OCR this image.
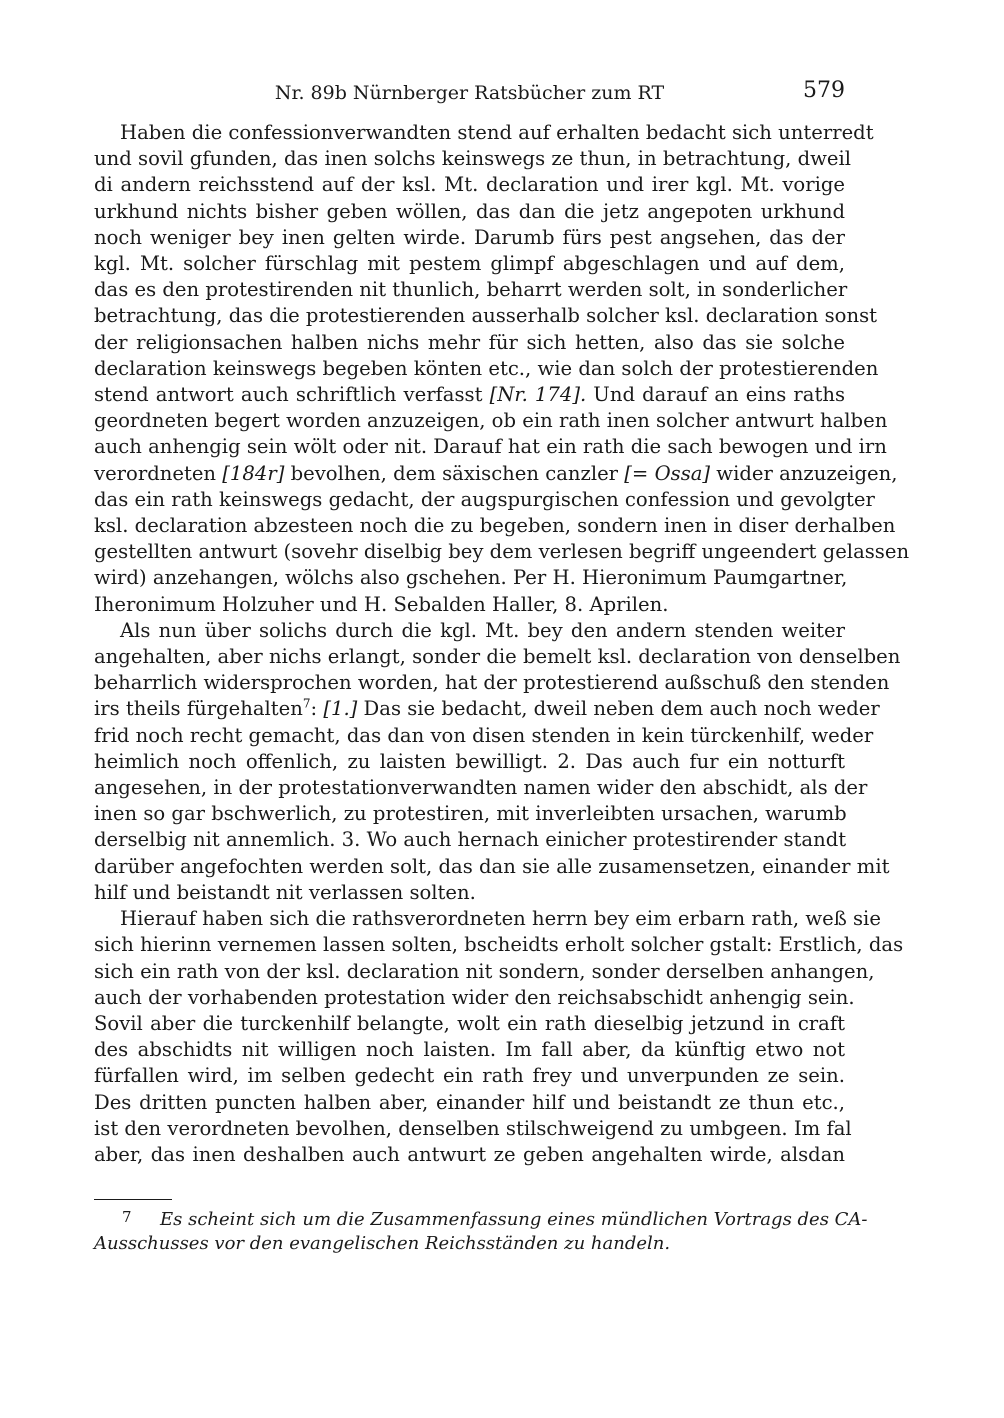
Nr. 89b Nürnberger Ratsbücher zum RT	579

Haben die confessionverwandten stend auf erhalten bedacht sich unterredt
und sovil gfunden, das inen solchs keinswegs ze thun, in betrachtung, dweil
di andern reichsstend auf der ksl. Mt. declaration und irer kgl. Mt. vorige
urkhund nichts bisher geben wöllen, das dan die jetz angepoten urkhund
noch weniger bey inen gelten wirde. Darumb fürs pest angsehen, das der
kgl. Mt. solcher fürschlag mit pestem glimpf abgeschlagen und auf dem,
das es den protestirenden nit thunlich, beharrt werden solt, in sonderlicher
betrachtung, das die protestierenden ausserhalb solcher ksl. declaration sonst
der religionsachen halben nichs mehr für sich hetten, also das sie solche
declaration keinswegs begeben könten etc., wie dan solch der protestierenden
stend antwort auch schriftlich verfasst [Nr. 174]. Und darauf an eins raths
geordneten begert worden anzuzeigen, ob ein rath inen solcher antwurt halben
auch anhengig sein wölt oder nit. Darauf hat ein rath die sach bewogen und irn
verordneten [184r] bevolhen, dem säxischen canzler [= Ossa] wider anzuzeigen,
das ein rath keinswegs gedacht, der augspurgischen confession und gevolgter
ksl. declaration abzesteen noch die zu begeben, sondern inen in diser derhalben
gestellten antwurt (sovehr diselbig bey dem verlesen begriff ungeendert gelassen
wird) anzehangen, wölchs also gschehen. Per H. Hieronimum Paumgartner,
Iheronimum Holzuher und H. Sebalden Haller, 8. Aprilen.

Als nun über solichs durch die kgl. Mt. bey den andern stenden weiter
angehalten, aber nichs erlangt, sonder die bemelt ksl. declaration von denselben
beharrlich widersprochen worden, hat der protestierend außschuß den stenden
irs theils fürgehalten$^7$: [1.] Das sie bedacht, dweil neben dem auch noch weder
frid noch recht gemacht, das dan von disen stenden in kein türckenhilf, weder
heimlich noch offenlich, zu laisten bewilligt. 2. Das auch fur ein notturft
angesehen, in der protestationverwandten namen wider den abschidt, als der
inen so gar bschwerlich, zu protestiren, mit inverleibten ursachen, warumb
derselbig nit annemlich. 3. Wo auch hernach einicher protestirender standt
darüber angefochten werden solt, das dan sie alle zusamensetzen, einander mit
hilf und beistandt nit verlassen solten.

Hierauf haben sich die rathsverordneten herrn bey eim erbarn rath, weß sie
sich hierinn vernemen lassen solten, bscheidts erholt solcher gstalt: Erstlich, das
sich ein rath von der ksl. declaration nit sondern, sonder derselben anhangen,
auch der vorhabenden protestation wider den reichsabschidt anhengig sein.
Sovil aber die turckenhilf belangte, wolt ein rath dieselbig jetzund in craft
des abschidts nit willigen noch laisten. Im fall aber, da künftig etwo not
fürfallen wird, im selben gedecht ein rath frey und unverpunden ze sein.
Des dritten puncten halben aber, einander hilf und beistandt ze thun etc.,
ist den verordneten bevolhen, denselben stilschweigend zu umbgeen. Im fal
aber, das inen deshalben auch antwurt ze geben angehalten wirde, alsdan

7 Es scheint sich um die Zusammenfassung eines mündlichen Vortrags des CA-
Ausschusses vor den evangelischen Reichsständen zu handeln.
